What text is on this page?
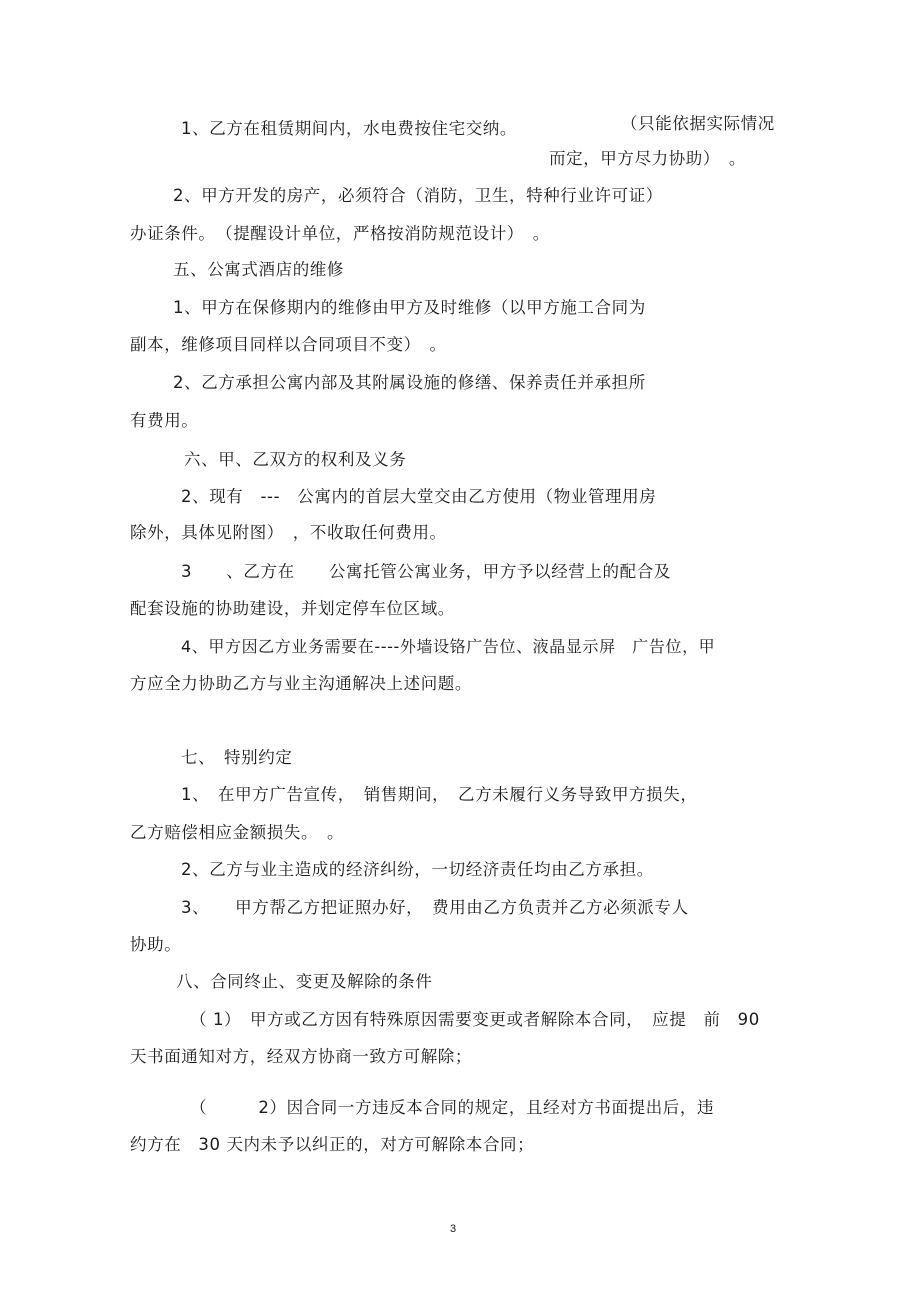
1、乙方在租赁期间内，水电费按住宅交纳。	（只能依据实际情况
而定，甲方尽力协助）　。
2、甲方开发的房产，必须符合（消防，卫生，特种行业许可证）
办证条件。　（提醒设计单位，严格按消防规范设计）　。
五、公寓式酒店的维修
1、甲方在保修期内的维修由甲方及时维修（以甲方施工合同为
副本，维修项目同样以合同项目不变）　。
2、乙方承担公寓内部及其附属设施的修缮、保养责任并承担所
有费用。
六、甲、乙双方的权利及义务
2、现有　---　公寓内的首层大堂交由乙方使用（物业管理用房
除外，具体见附图）　，不收取任何费用。
3　　、乙方在　　公寓托管公寓业务，甲方予以经营上的配合及
配套设施的协助建设，并划定停车位区域。
4、甲方因乙方业务需要在----外墙设铬广告位、液晶显示屏　广告位，甲
方应全力协助乙方与业主沟通解决上述问题。
七、　特别约定
1、　在甲方广告宣传，　销售期间，　乙方未履行义务导致甲方损失，
乙方赔偿相应金额损失。　。
2、乙方与业主造成的经济纠纷，一切经济责任均由乙方承担。
3、　　甲方帮乙方把证照办好，　费用由乙方负责并乙方必须派专人
协助。
八、合同终止、变更及解除的条件
（ 1）　甲方或乙方因有特殊原因需要变更或者解除本合同，　应提　前　90
天书面通知对方，经双方协商一致方可解除；
（　　　2）因合同一方违反本合同的规定，且经对方书面提出后，违
约方在　30 天内未予以纠正的，对方可解除本合同；
3
